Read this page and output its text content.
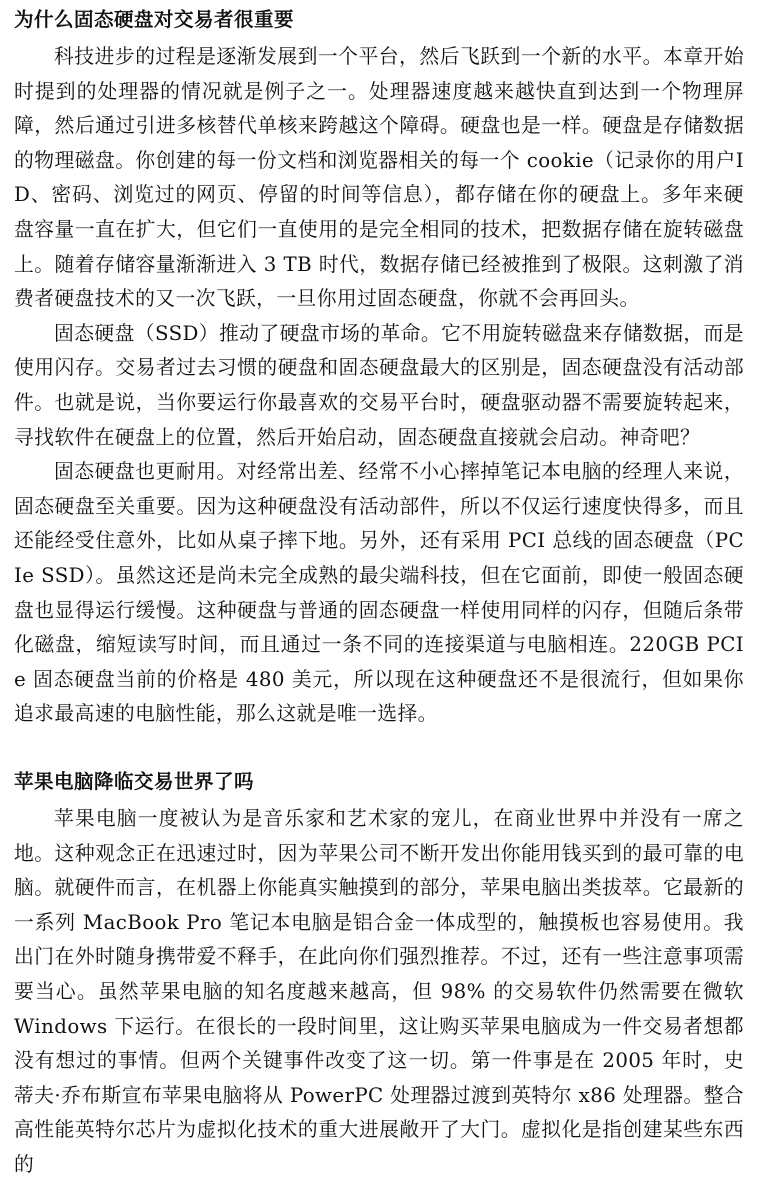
为什么固态硬盘对交易者很重要

科技进步的过程是逐渐发展到一个平台，然后飞跃到一个新的水平。本章开始时提到的处理器的情况就是例子之一。处理器速度越来越快直到达到一个物理屏障，然后通过引进多核替代单核来跨越这个障碍。硬盘也是一样。硬盘是存储数据的物理磁盘。你创建的每一份文档和浏览器相关的每一个 cookie（记录你的用户ID、密码、浏览过的网页、停留的时间等信息），都存储在你的硬盘上。多年来硬盘容量一直在扩大，但它们一直使用的是完全相同的技术，把数据存储在旋转磁盘上。随着存储容量渐渐进入 3 TB 时代，数据存储已经被推到了极限。这刺激了消费者硬盘技术的又一次飞跃，一旦你用过固态硬盘，你就不会再回头。

固态硬盘（SSD）推动了硬盘市场的革命。它不用旋转磁盘来存储数据，而是使用闪存。交易者过去习惯的硬盘和固态硬盘最大的区别是，固态硬盘没有活动部件。也就是说，当你要运行你最喜欢的交易平台时，硬盘驱动器不需要旋转起来，寻找软件在硬盘上的位置，然后开始启动，固态硬盘直接就会启动。神奇吧？

固态硬盘也更耐用。对经常出差、经常不小心摔掉笔记本电脑的经理人来说，固态硬盘至关重要。因为这种硬盘没有活动部件，所以不仅运行速度快得多，而且还能经受住意外，比如从桌子摔下地。另外，还有采用 PCI 总线的固态硬盘（PCIe SSD）。虽然这还是尚未完全成熟的最尖端科技，但在它面前，即使一般固态硬盘也显得运行缓慢。这种硬盘与普通的固态硬盘一样使用同样的闪存，但随后条带化磁盘，缩短读写时间，而且通过一条不同的连接渠道与电脑相连。220GB PCIe 固态硬盘当前的价格是 480 美元，所以现在这种硬盘还不是很流行，但如果你追求最高速的电脑性能，那么这就是唯一选择。

苹果电脑降临交易世界了吗

苹果电脑一度被认为是音乐家和艺术家的宠儿，在商业世界中并没有一席之地。这种观念正在迅速过时，因为苹果公司不断开发出你能用钱买到的最可靠的电脑。就硬件而言，在机器上你能真实触摸到的部分，苹果电脑出类拔萃。它最新的一系列 MacBook Pro 笔记本电脑是铝合金一体成型的，触摸板也容易使用。我出门在外时随身携带爱不释手，在此向你们强烈推荐。不过，还有一些注意事项需要当心。虽然苹果电脑的知名度越来越高，但 98% 的交易软件仍然需要在微软 Windows 下运行。在很长的一段时间里，这让购买苹果电脑成为一件交易者想都没有想过的事情。但两个关键事件改变了这一切。第一件事是在 2005 年时，史蒂夫·乔布斯宣布苹果电脑将从 PowerPC 处理器过渡到英特尔 x86 处理器。整合高性能英特尔芯片为虚拟化技术的重大进展敞开了大门。虚拟化是指创建某些东西的
